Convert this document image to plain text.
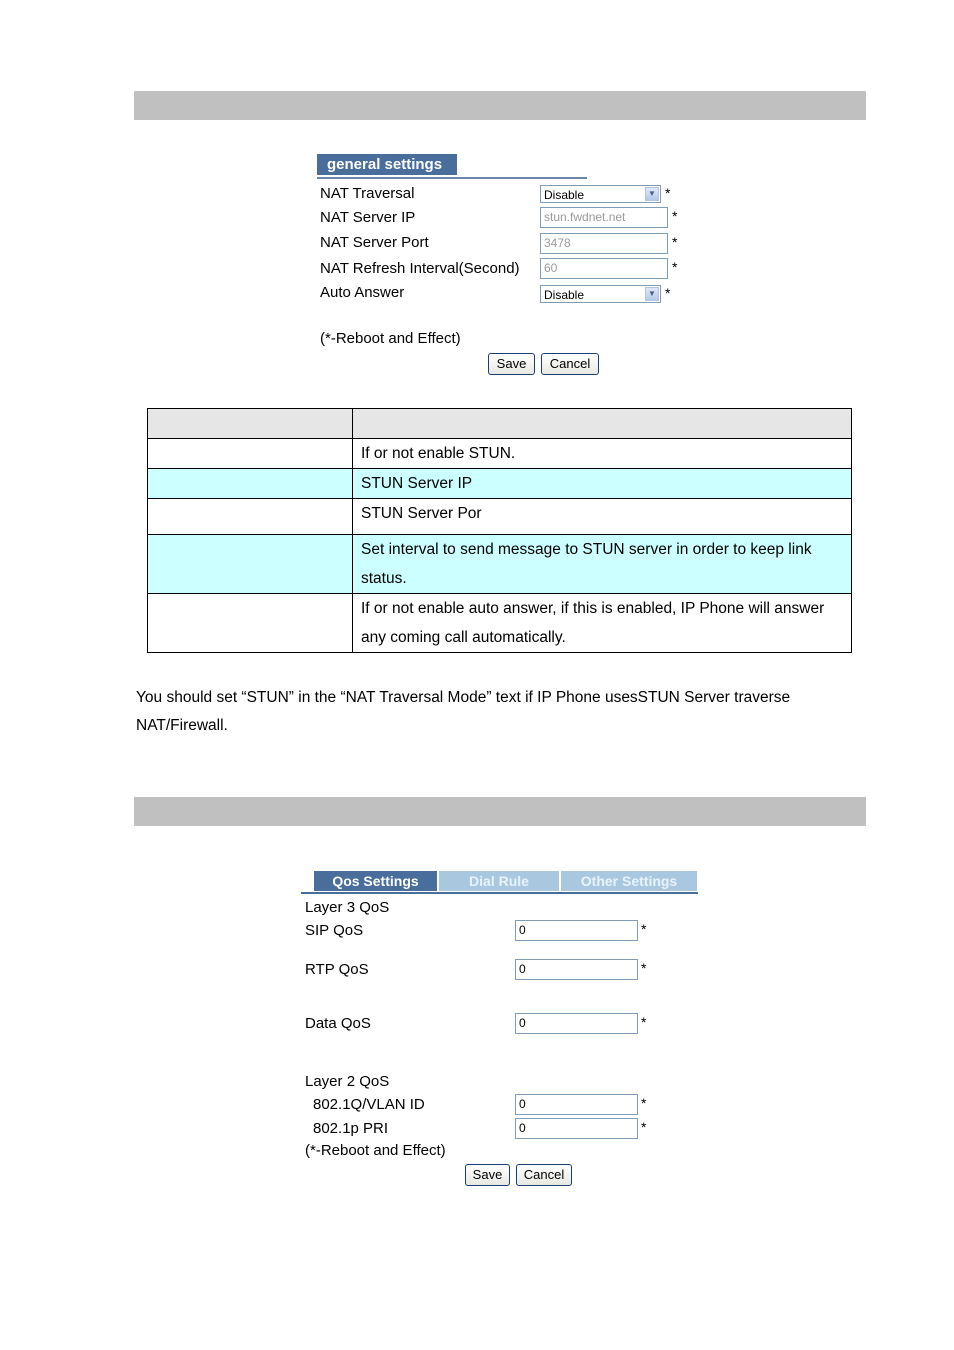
general settings
NAT Traversal	Disable	▼ *
NAT Server IP	stun.fwdnet.net	*
NAT Server Port	3478	*
NAT Refresh Interval(Second)	60	*
Auto Answer	Disable	▼ *
(*-Reboot and Effect)
Save	Cancel

	If or not enable STUN.

	STUN Server IP

	STUN Server Por

	Set interval to send message to STUN server in order to keep link status.

	If or not enable auto answer, if this is enabled, IP Phone will answer any coming call automatically.
You should set “STUN” in the “NAT Traversal Mode” text if IP Phone usesSTUN Server traverse NAT/Firewall.
Qos Settings	Dial Rule	Other Settings
Layer 3 QoS
SIP QoS	0	*
RTP QoS	0	*
Data QoS	0	*
Layer 2 QoS
802.1Q/VLAN ID	0	*
802.1p PRI	0	*
(*-Reboot and Effect)
Save	Cancel
